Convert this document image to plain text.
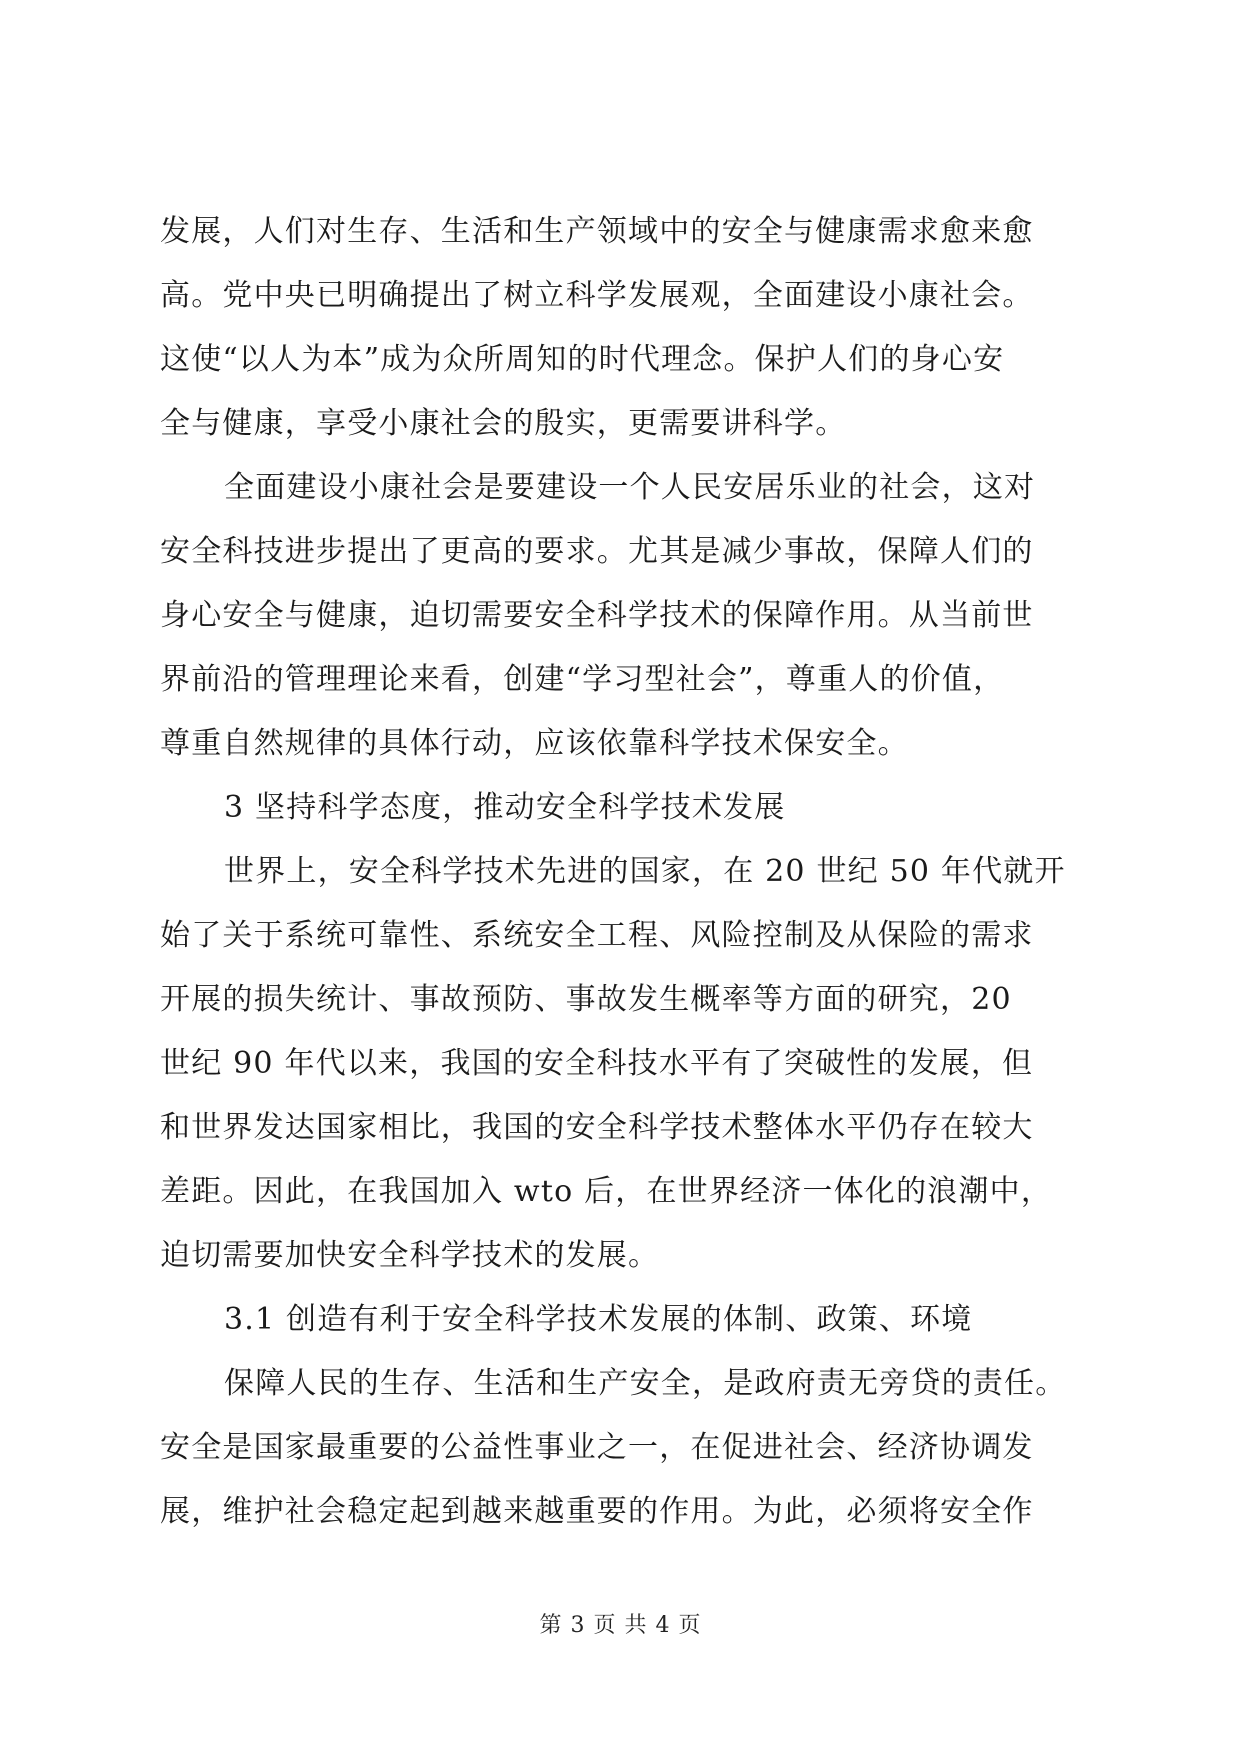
发展，人们对生存、生活和生产领域中的安全与健康需求愈来愈
高。党中央已明确提出了树立科学发展观，全面建设小康社会。
这使“以人为本”成为众所周知的时代理念。保护人们的身心安
全与健康，享受小康社会的殷实，更需要讲科学。
全面建设小康社会是要建设一个人民安居乐业的社会，这对
安全科技进步提出了更高的要求。尤其是减少事故，保障人们的
身心安全与健康，迫切需要安全科学技术的保障作用。从当前世
界前沿的管理理论来看，创建“学习型社会”，尊重人的价值，
尊重自然规律的具体行动，应该依靠科学技术保安全。
3 坚持科学态度，推动安全科学技术发展
世界上，安全科学技术先进的国家，在 20 世纪 50 年代就开
始了关于系统可靠性、系统安全工程、风险控制及从保险的需求
开展的损失统计、事故预防、事故发生概率等方面的研究，20
世纪 90 年代以来，我国的安全科技水平有了突破性的发展，但
和世界发达国家相比，我国的安全科学技术整体水平仍存在较大
差距。因此，在我国加入 wto 后，在世界经济一体化的浪潮中，
迫切需要加快安全科学技术的发展。
3.1 创造有利于安全科学技术发展的体制、政策、环境
保障人民的生存、生活和生产安全，是政府责无旁贷的责任。
安全是国家最重要的公益性事业之一，在促进社会、经济协调发
展，维护社会稳定起到越来越重要的作用。为此，必须将安全作
第 3 页 共 4 页
